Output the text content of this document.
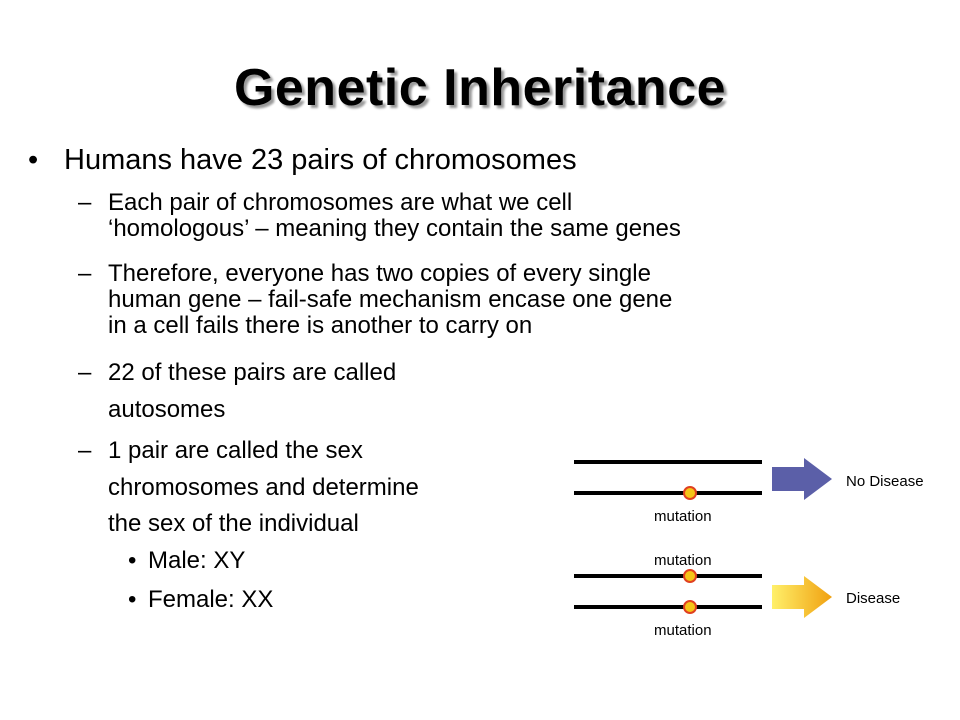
Genetic Inheritance
• Humans have 23 pairs of chromosomes
– Each pair of chromosomes are what we cell
‘homologous’ – meaning they contain the same genes
– Therefore, everyone has two copies of every single
human gene – fail-safe mechanism encase one gene
in a cell fails there is another to carry on
– 22 of these pairs are called
autosomes
– 1 pair are called the sex
chromosomes and determine
the sex of the individual
• Male: XY
• Female: XX
mutation
No Disease
mutation
mutation
Disease
